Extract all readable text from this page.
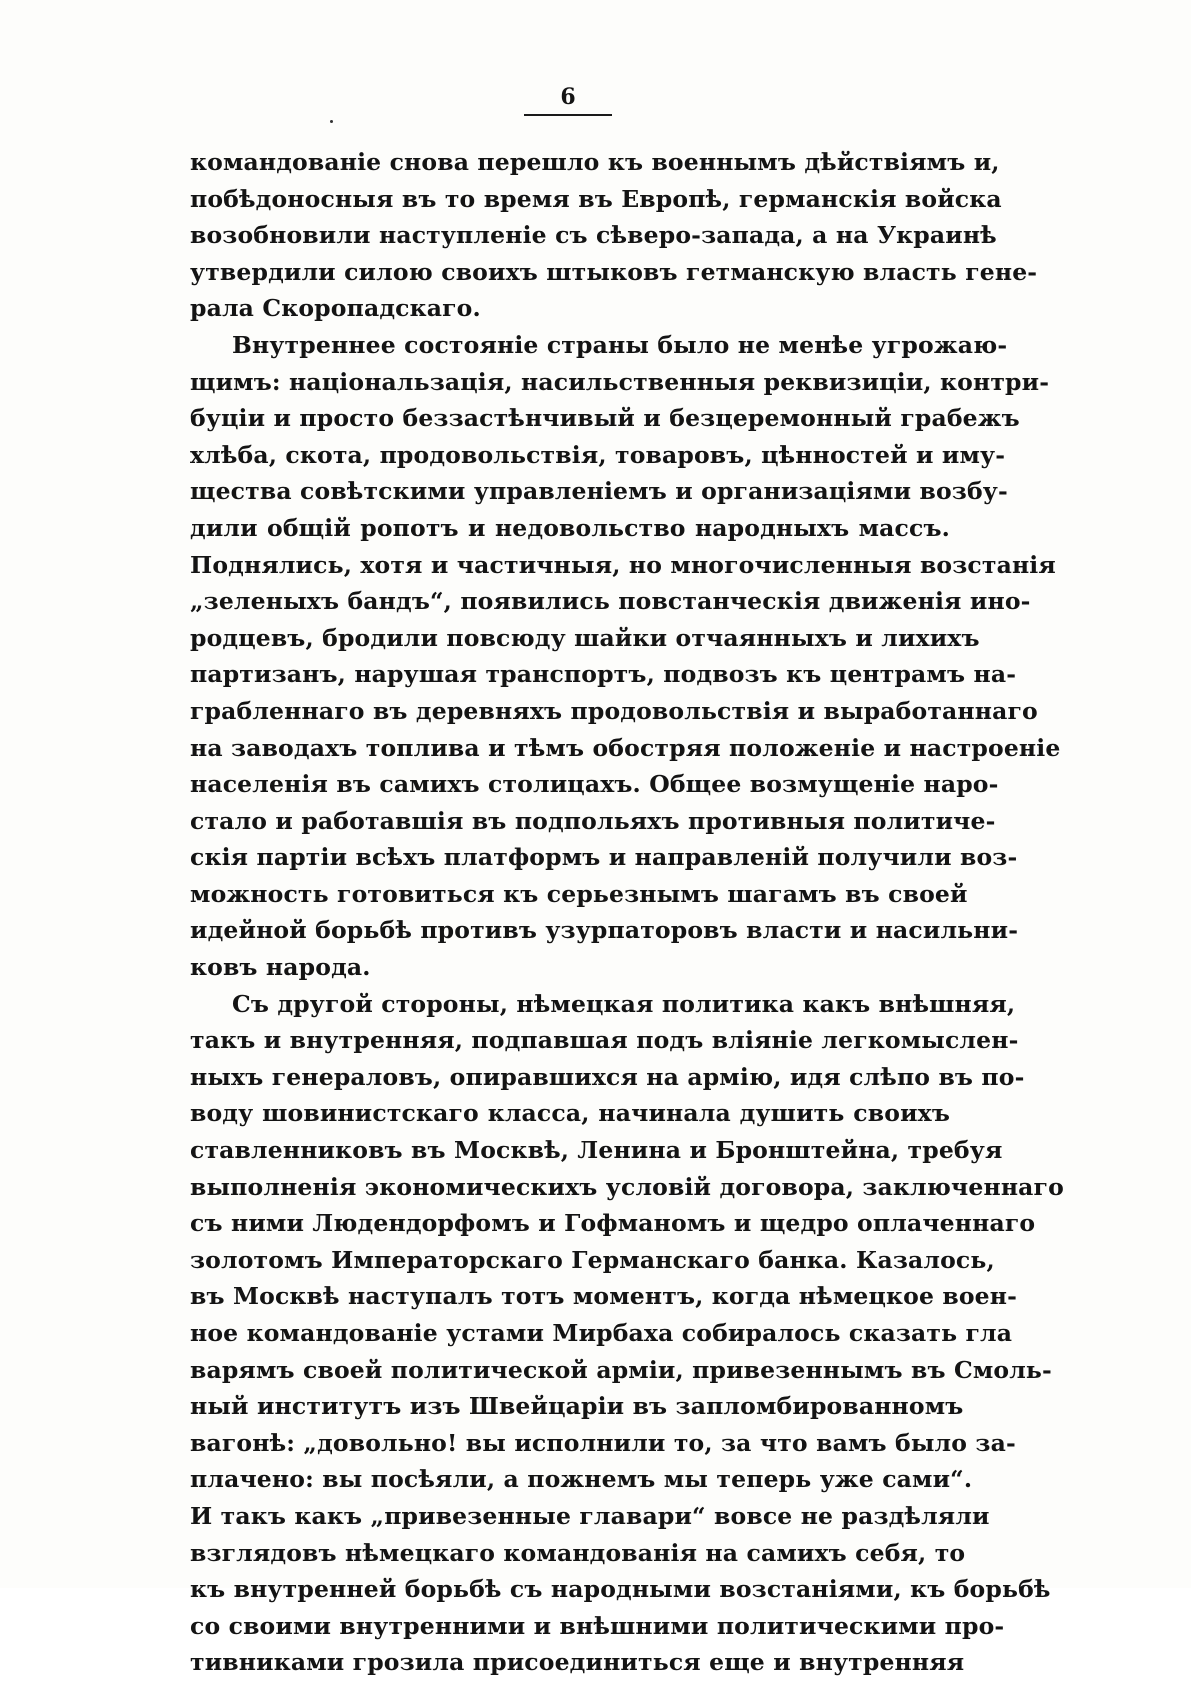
6
командованіе снова перешло къ военнымъ дѣйствіямъ и,
побѣдоносныя въ то время въ Европѣ, германскія войска
возобновили наступленіе съ сѣверо-запада, а на Украинѣ
утвердили силою своихъ штыковъ гетманскую власть гене-
рала Скоропадскаго.
Внутреннее состояніе страны было не менѣе угрожаю-
щимъ: національзація, насильственныя реквизиціи, контри-
буціи и просто беззастѣнчивый и безцеремонный грабежъ
хлѣба, скота, продовольствія, товаровъ, цѣнностей и иму-
щества совѣтскими управленіемъ и организаціями возбу-
дили общій ропотъ и недовольство народныхъ массъ.
Поднялись, хотя и частичныя, но многочисленныя возстанія
„зеленыхъ бандъ“, появились повстанческія движенія ино-
родцевъ, бродили повсюду шайки отчаянныхъ и лихихъ
партизанъ, нарушая транспортъ, подвозъ къ центрамъ на-
грабленнаго въ деревняхъ продовольствія и выработаннаго
на заводахъ топлива и тѣмъ обостряя положеніе и настроеніе
населенія въ самихъ столицахъ. Общее возмущеніе наро-
стало и работавшія въ подпольяхъ противныя политиче-
скія партіи всѣхъ платформъ и направленій получили воз-
можность готовиться къ серьезнымъ шагамъ въ своей
идейной борьбѣ противъ узурпаторовъ власти и насильни-
ковъ народа.
Съ другой стороны, нѣмецкая политика какъ внѣшняя,
такъ и внутренняя, подпавшая подъ вліяніе легкомыслен-
ныхъ генераловъ, опиравшихся на армію, идя слѣпо въ по-
воду шовинистскаго класса, начинала душить своихъ
ставленниковъ въ Москвѣ, Ленина и Бронштейна, требуя
выполненія экономическихъ условій договора, заключеннаго
съ ними Людендорфомъ и Гофманомъ и щедро оплаченнаго
золотомъ Императорскаго Германскаго банка. Казалось,
въ Москвѣ наступалъ тотъ моментъ, когда нѣмецкое воен-
ное командованіе устами Мирбаха собиралось сказать гла
варямъ своей политической арміи, привезеннымъ въ Смоль-
ный институтъ изъ Швейцаріи въ запломбированномъ
вагонѣ: „довольно! вы исполнили то, за что вамъ было за-
плачено: вы посѣяли, а пожнемъ мы теперь уже сами“.
И такъ какъ „привезенные главари“ вовсе не раздѣляли
взглядовъ нѣмецкаго командованія на самихъ себя, то
къ внутренней борьбѣ съ народными возстаніями, къ борьбѣ
со своими внутренними и внѣшними политическими про-
тивниками грозила присоединиться еще и внутренняя
